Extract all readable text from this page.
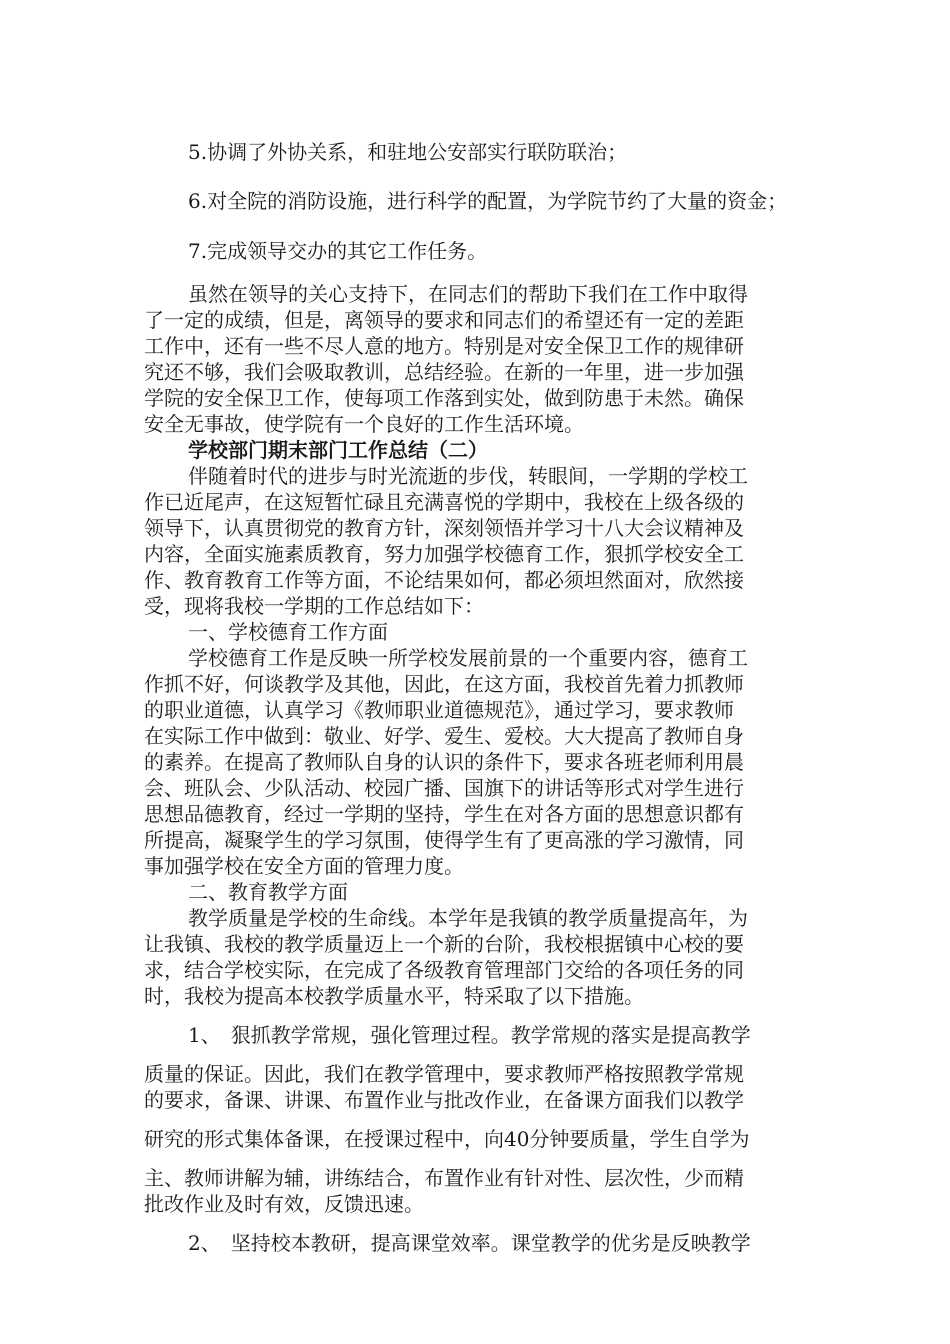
5.协调了外协关系，和驻地公安部实行联防联治；
6.对全院的消防设施，进行科学的配置，为学院节约了大量的资金；
7.完成领导交办的其它工作任务。
虽然在领导的关心支持下，在同志们的帮助下我们在工作中取得
了一定的成绩，但是，离领导的要求和同志们的希望还有一定的差距
工作中，还有一些不尽人意的地方。特别是对安全保卫工作的规律研
究还不够，我们会吸取教训，总结经验。在新的一年里，进一步加强
学院的安全保卫工作，使每项工作落到实处，做到防患于未然。确保
安全无事故，使学院有一个良好的工作生活环境。
学校部门期末部门工作总结（二）
伴随着时代的进步与时光流逝的步伐，转眼间，一学期的学校工
作已近尾声，在这短暂忙碌且充满喜悦的学期中，我校在上级各级的
领导下，认真贯彻党的教育方针，深刻领悟并学习十八大会议精神及
内容，全面实施素质教育，努力加强学校德育工作，狠抓学校安全工
作、教育教育工作等方面，不论结果如何，都必须坦然面对，欣然接
受，现将我校一学期的工作总结如下：
一、学校德育工作方面
学校德育工作是反映一所学校发展前景的一个重要内容，德育工
作抓不好，何谈教学及其他，因此，在这方面，我校首先着力抓教师
的职业道德，认真学习《教师职业道德规范》，通过学习，要求教师
在实际工作中做到：敬业、好学、爱生、爱校。大大提高了教师自身
的素养。在提高了教师队自身的认识的条件下，要求各班老师利用晨
会、班队会、少队活动、校园广播、国旗下的讲话等形式对学生进行
思想品德教育，经过一学期的坚持，学生在对各方面的思想意识都有
所提高，凝聚学生的学习氛围，使得学生有了更高涨的学习激情，同
事加强学校在安全方面的管理力度。
二、教育教学方面
教学质量是学校的生命线。本学年是我镇的教学质量提高年，为
让我镇、我校的教学质量迈上一个新的台阶，我校根据镇中心校的要
求，结合学校实际，在完成了各级教育管理部门交给的各项任务的同
时，我校为提高本校教学质量水平，特采取了以下措施。
1、　狠抓教学常规，强化管理过程。教学常规的落实是提高教学
质量的保证。因此，我们在教学管理中，要求教师严格按照教学常规
的要求，备课、讲课、布置作业与批改作业，在备课方面我们以教学
研究的形式集体备课，在授课过程中，向40分钟要质量，学生自学为
主、教师讲解为辅，讲练结合，布置作业有针对性、层次性，少而精
批改作业及时有效，反馈迅速。
2、　坚持校本教研，提高课堂效率。课堂教学的优劣是反映教学
